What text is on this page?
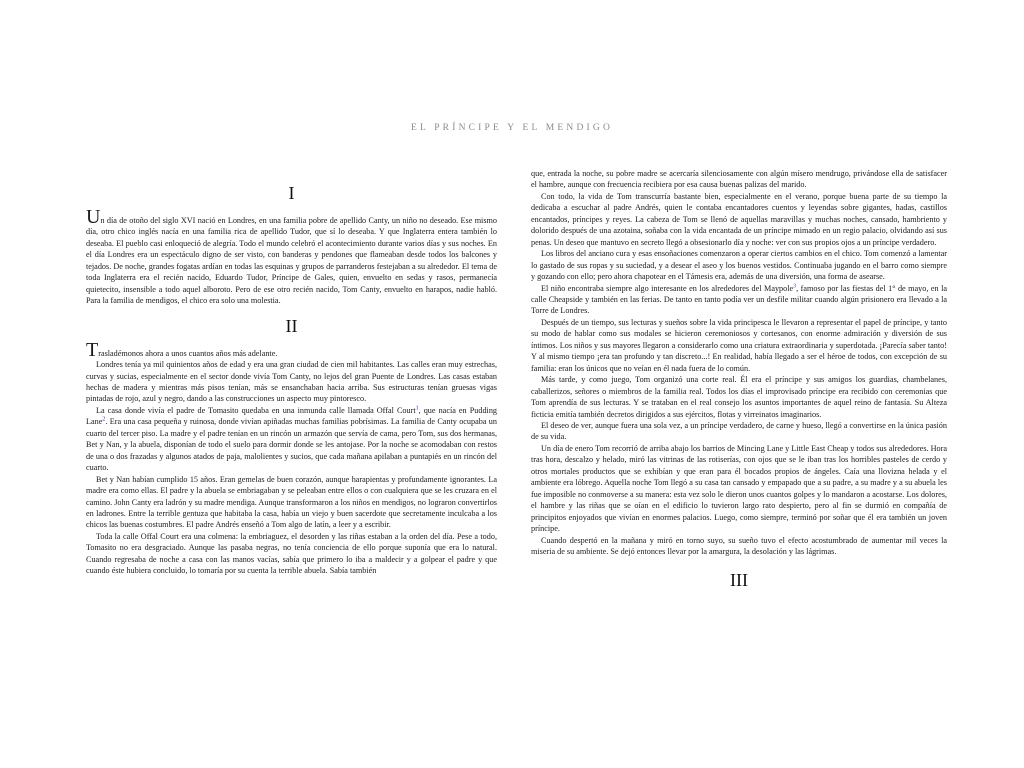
EL PRÍNCIPE Y EL MENDIGO
I

Un día de otoño del siglo XVI nació en Londres, en una familia pobre de apellido Canty, un niño no deseado. Ese mismo día, otro chico inglés nacía en una familia rica de apellido Tudor, que sí lo deseaba. Y que Inglaterra entera también lo deseaba. El pueblo casi enloqueció de alegría. Todo el mundo celebró el acontecimiento durante varios días y sus noches. En el día Londres era un espectáculo digno de ser visto, con banderas y pendones que flameaban desde todos los balcones y tejados. De noche, grandes fogatas ardían en todas las esquinas y grupos de parranderos festejaban a su alrededor. El tema de toda Inglaterra era el recién nacido, Eduardo Tudor, Príncipe de Gales, quien, envuelto en sedas y rasos, permanecía quietecito, insensible a todo aquel alboroto. Pero de ese otro recién nacido, Tom Canty, envuelto en harapos, nadie habló. Para la familia de mendigos, el chico era solo una molestia.

II

Trasladémonos ahora a unos cuantos años más adelante.

Londres tenía ya mil quinientos años de edad y era una gran ciudad de cien mil habitantes. Las calles eran muy estrechas, curvas y sucias, especialmente en el sector donde vivía Tom Canty, no lejos del gran Puente de Londres. Las casas estaban hechas de madera y mientras más pisos tenían, más se ensanchaban hacia arriba. Sus estructuras tenían gruesas vigas pintadas de rojo, azul y negro, dando a las construcciones un aspecto muy pintoresco.

La casa donde vivía el padre de Tomasito quedaba en una inmunda calle llamada Offal Court$^1$, que nacía en Pudding Lane$^2$. Era una casa pequeña y ruinosa, donde vivían apiñadas muchas familias pobrísimas. La familia de Canty ocupaba un cuarto del tercer piso. La madre y el padre tenían en un rincón un armazón que servía de cama, pero Tom, sus dos hermanas, Bet y Nan, y la abuela, disponían de todo el suelo para dormir donde se les antojase. Por la noche se acomodaban con restos de una o dos frazadas y algunos atados de paja, malolientes y sucios, que cada mañana apilaban a puntapiés en un rincón del cuarto.

Bet y Nan habían cumplido 15 años. Eran gemelas de buen corazón, aunque harapientas y profundamente ignorantes. La madre era como ellas. El padre y la abuela se embriagaban y se peleaban entre ellos o con cualquiera que se les cruzara en el camino. John Canty era ladrón y su madre mendiga. Aunque transformaron a los niños en mendigos, no lograron convertirlos en ladrones. Entre la terrible gentuza que habitaba la casa, había un viejo y buen sacerdote que secretamente inculcaba a los chicos las buenas costumbres. El padre Andrés enseñó a Tom algo de latín, a leer y a escribir.

Toda la calle Offal Court era una colmena: la embriaguez, el desorden y las riñas estaban a la orden del día. Pese a todo, Tomasito no era desgraciado. Aunque las pasaba negras, no tenía conciencia de ello porque suponía que era lo natural. Cuando regresaba de noche a casa con las manos vacías, sabía que primero lo iba a maldecir y a golpear el padre y que cuando éste hubiera concluido, lo tomaría por su cuenta la terrible abuela. Sabía también

que, entrada la noche, su pobre madre se acercaría silenciosamente con algún mísero mendrugo, privándose ella de satisfacer el hambre, aunque con frecuencia recibiera por esa causa buenas palizas del marido.

Con todo, la vida de Tom transcurría bastante bien, especialmente en el verano, porque buena parte de su tiempo la dedicaba a escuchar al padre Andrés, quien le contaba encantadores cuentos y leyendas sobre gigantes, hadas, castillos encantados, príncipes y reyes. La cabeza de Tom se llenó de aquellas maravillas y muchas noches, cansado, hambriento y dolorido después de una azotaina, soñaba con la vida encantada de un príncipe mimado en un regio palacio, olvidando así sus penas. Un deseo que mantuvo en secreto llegó a obsesionarlo día y noche: ver con sus propios ojos a un príncipe verdadero.

Los libros del anciano cura y esas ensoñaciones comenzaron a operar ciertos cambios en el chico. Tom comenzó a lamentar lo gastado de sus ropas y su suciedad, y a desear el aseo y los buenos vestidos. Continuaba jugando en el barro como siempre y gozando con ello; pero ahora chapotear en el Támesis era, además de una diversión, una forma de asearse.

El niño encontraba siempre algo interesante en los alrededores del Maypole$^3$, famoso por las fiestas del 1° de mayo, en la calle Cheapside y también en las ferias. De tanto en tanto podía ver un desfile militar cuando algún prisionero era llevado a la Torre de Londres.

Después de un tiempo, sus lecturas y sueños sobre la vida principesca le llevaron a representar el papel de príncipe, y tanto su modo de hablar como sus modales se hicieron ceremoniosos y cortesanos, con enorme admiración y diversión de sus íntimos. Los niños y sus mayores llegaron a considerarlo como una criatura extraordinaria y superdotada. ¡Parecía saber tanto! Y al mismo tiempo ¡era tan profundo y tan discreto...! En realidad, había llegado a ser el héroe de todos, con excepción de su familia: eran los únicos que no veían en él nada fuera de lo común.

Más tarde, y como juego, Tom organizó una corte real. Él era el príncipe y sus amigos los guardias, chambelanes, caballerizos, señores o miembros de la familia real. Todos los días el improvisado príncipe era recibido con ceremonias que Tom aprendía de sus lecturas. Y se trataban en el real consejo los asuntos importantes de aquel reino de fantasía. Su Alteza ficticia emitía también decretos dirigidos a sus ejércitos, flotas y virreinatos imaginarios.

El deseo de ver, aunque fuera una sola vez, a un príncipe verdadero, de carne y hueso, llegó a convertirse en la única pasión de su vida.

Un día de enero Tom recorrió de arriba abajo los barrios de Mincing Lane y Little East Cheap y todos sus alrededores. Hora tras hora, descalzo y helado, miró las vitrinas de las rotiserías, con ojos que se le iban tras los horribles pasteles de cerdo y otros mortales productos que se exhibían y que eran para él bocados propios de ángeles. Caía una llovizna helada y el ambiente era lóbrego. Aquella noche Tom llegó a su casa tan cansado y empapado que a su padre, a su madre y a su abuela les fue imposible no conmoverse a su manera: esta vez solo le dieron unos cuantos golpes y lo mandaron a acostarse. Los dolores, el hambre y las riñas que se oían en el edificio lo tuvieron largo rato despierto, pero al fin se durmió en compañía de principitos enjoyados que vivían en enormes palacios. Luego, como siempre, terminó por soñar que él era también un joven príncipe.

Cuando despertó en la mañana y miró en torno suyo, su sueño tuvo el efecto acostumbrado de aumentar mil veces la miseria de su ambiente. Se dejó entonces llevar por la amargura, la desolación y las lágrimas.

III
